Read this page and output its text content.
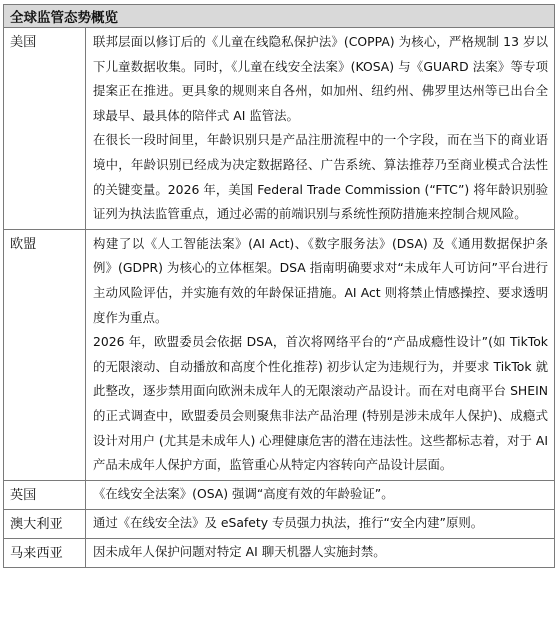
全球监管态势概览	
美国	联邦层面以修订后的《儿童在线隐私保护法》(COPPA) 为核心，严格规制 13 岁以下儿童数据收集。同时，《儿童在线安全法案》(KOSA) 与《GUARD 法案》等专项提案正在推进。更具象的规则来自各州，如加州、纽约州、佛罗里达州等已出台全球最早、最具体的陪伴式 AI 监管法。

在很长一段时间里，年龄识别只是产品注册流程中的一个字段，而在当下的商业语境中，年龄识别已经成为决定数据路径、广告系统、算法推荐乃至商业模式合法性的关键变量。2026 年，美国 Federal Trade Commission (“FTC”) 将年龄识别验证列为执法监管重点，通过必需的前端识别与系统性预防措施来控制合规风险。

欧盟	构建了以《人工智能法案》(AI Act)、《数字服务法》(DSA) 及《通用数据保护条例》(GDPR) 为核心的立体框架。DSA 指南明确要求对“未成年人可访问”平台进行主动风险评估，并实施有效的年龄保证措施。AI Act 则将禁止情感操控、要求透明度作为重点。

2026 年，欧盟委员会依据 DSA，首次将网络平台的“产品成瘾性设计”(如 TikTok 的无限滚动、自动播放和高度个性化推荐) 初步认定为违规行为，并要求 TikTok 就此整改，逐步禁用面向欧洲未成年人的无限滚动产品设计。而在对电商平台 SHEIN 的正式调查中，欧盟委员会则聚焦非法产品治理 (特别是涉未成年人保护)、成瘾式设计对用户 (尤其是未成年人) 心理健康危害的潜在违法性。这些都标志着，对于 AI 产品未成年人保护方面，监管重心从特定内容转向产品设计层面。

英国	《在线安全法案》(OSA) 强调“高度有效的年龄验证”。

澳大利亚	通过《在线安全法》及 eSafety 专员强力执法，推行“安全内建”原则。

马来西亚	因未成年人保护问题对特定 AI 聊天机器人实施封禁。
